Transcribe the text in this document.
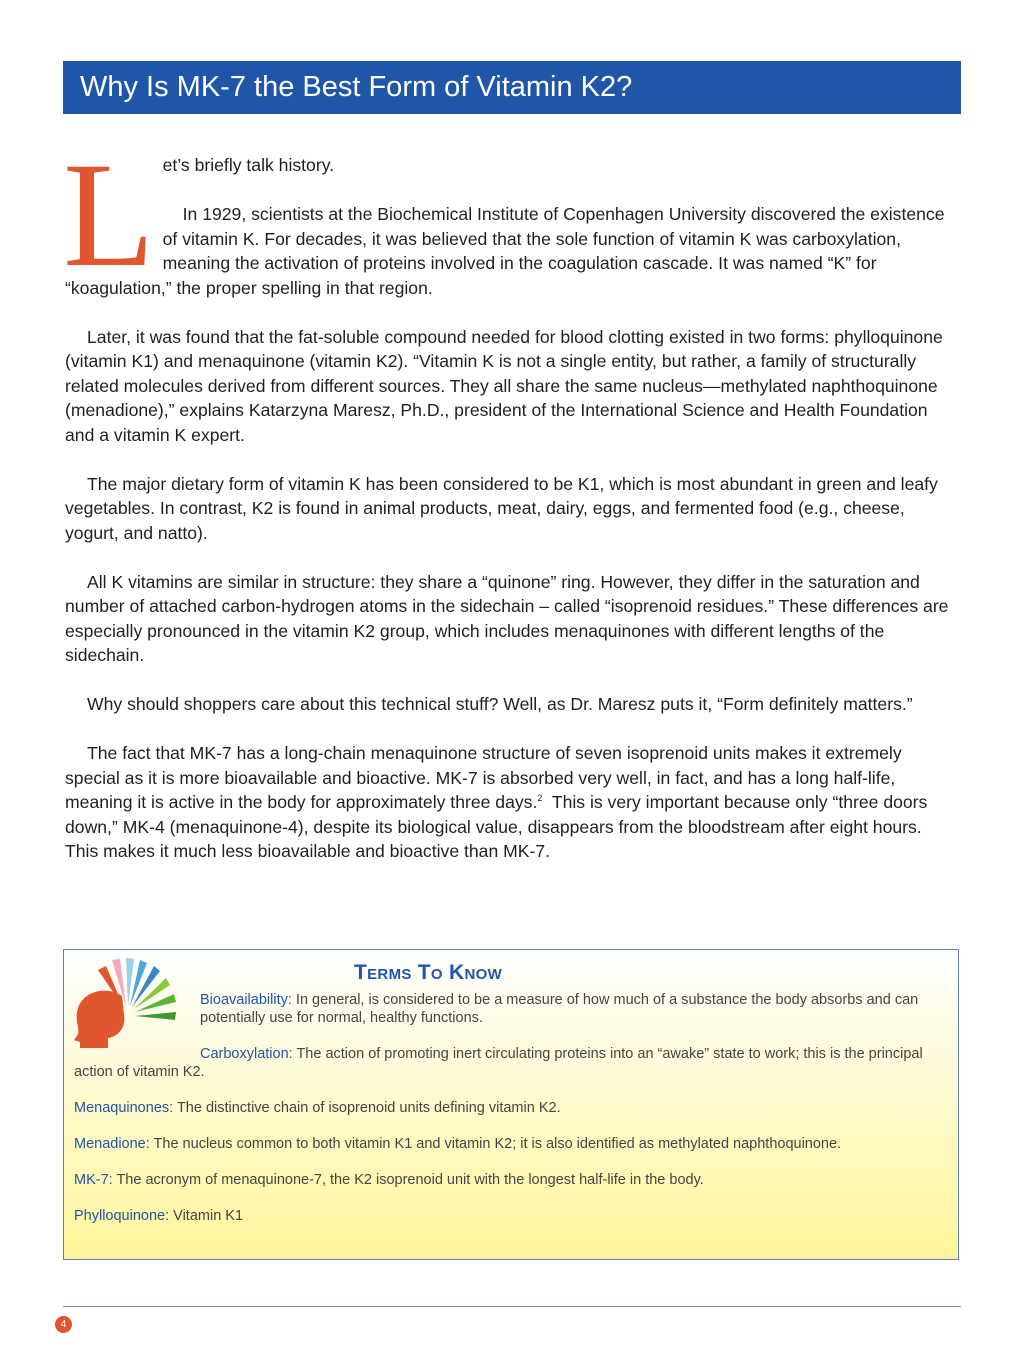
Why Is MK-7 the Best Form of Vitamin K2?
L et’s briefly talk history.

In 1929, scientists at the Biochemical Institute of Copenhagen University discovered the existence of vitamin K. For decades, it was believed that the sole function of vitamin K was carboxylation, meaning the activation of proteins involved in the coagulation cascade. It was named “K” for “koagulation,” the proper spelling in that region.

Later, it was found that the fat-soluble compound needed for blood clotting existed in two forms: phylloquinone (vitamin K1) and menaquinone (vitamin K2). “Vitamin K is not a single entity, but rather, a family of structurally related molecules derived from different sources. They all share the same nucleus—methylated naphthoquinone (menadione),” explains Katarzyna Maresz, Ph.D., president of the International Science and Health Foundation and a vitamin K expert.

The major dietary form of vitamin K has been considered to be K1, which is most abundant in green and leafy vegetables. In contrast, K2 is found in animal products, meat, dairy, eggs, and fermented food (e.g., cheese, yogurt, and natto).

All K vitamins are similar in structure: they share a “quinone” ring. However, they differ in the saturation and number of attached carbon-hydrogen atoms in the sidechain – called “isoprenoid residues.” These differences are especially pronounced in the vitamin K2 group, which includes menaquinones with different lengths of the sidechain.

Why should shoppers care about this technical stuff? Well, as Dr. Maresz puts it, “Form definitely matters.”

The fact that MK-7 has a long-chain menaquinone structure of seven isoprenoid units makes it extremely special as it is more bioavailable and bioactive. MK-7 is absorbed very well, in fact, and has a long half-life, meaning it is active in the body for approximately three days.$^2$ This is very important because only “three doors down,” MK-4 (menaquinone-4), despite its biological value, disappears from the bloodstream after eight hours. This makes it much less bioavailable and bioactive than MK-7.

Terms To Know
Bioavailability: In general, is considered to be a measure of how much of a substance the body absorbs and can potentially use for normal, healthy functions.
Carboxylation: The action of promoting inert circulating proteins into an “awake” state to work; this is the principal action of vitamin K2.
Menaquinones: The distinctive chain of isoprenoid units defining vitamin K2.
Menadione: The nucleus common to both vitamin K1 and vitamin K2; it is also identified as methylated naphthoquinone.
MK-7: The acronym of menaquinone-7, the K2 isoprenoid unit with the longest half-life in the body.
Phylloquinone: Vitamin K1
4
